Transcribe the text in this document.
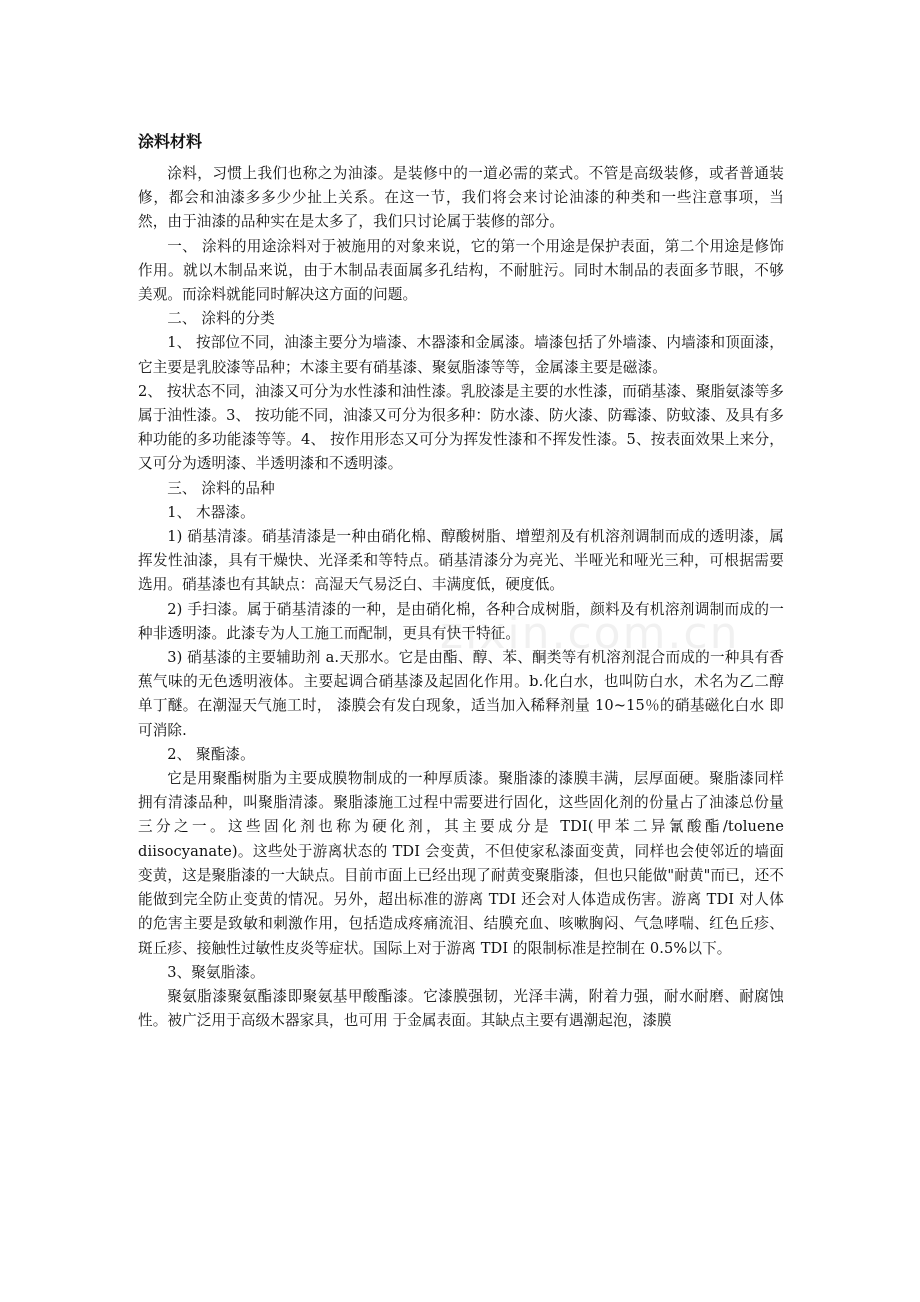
zixin.com.cn
涂料材料

涂料，习惯上我们也称之为油漆。是装修中的一道必需的菜式。不管是高级装修，或者普通装修，都会和油漆多多少少扯上关系。在这一节，我们将会来讨论油漆的种类和一些注意事项，当然，由于油漆的品种实在是太多了，我们只讨论属于装修的部分。

一、 涂料的用途涂料对于被施用的对象来说，它的第一个用途是保护表面，第二个用途是修饰作用。就以木制品来说，由于木制品表面属多孔结构，不耐脏污。同时木制品的表面多节眼，不够美观。而涂料就能同时解决这方面的问题。

二、 涂料的分类

1、 按部位不同，油漆主要分为墙漆、木器漆和金属漆。墙漆包括了外墙漆、内墙漆和顶面漆，它主要是乳胶漆等品种；木漆主要有硝基漆、聚氨脂漆等等，金属漆主要是磁漆。

2、 按状态不同，油漆又可分为水性漆和油性漆。乳胶漆是主要的水性漆，而硝基漆、聚脂氨漆等多属于油性漆。3、 按功能不同，油漆又可分为很多种：防水漆、防火漆、防霉漆、防蚊漆、及具有多种功能的多功能漆等等。4、 按作用形态又可分为挥发性漆和不挥发性漆。5、按表面效果上来分，又可分为透明漆、半透明漆和不透明漆。

三、 涂料的品种

1、 木器漆。

1) 硝基清漆。硝基清漆是一种由硝化棉、醇酸树脂、增塑剂及有机溶剂调制而成的透明漆，属挥发性油漆，具有干燥快、光泽柔和等特点。硝基清漆分为亮光、半哑光和哑光三种，可根据需要选用。硝基漆也有其缺点：高湿天气易泛白、丰满度低，硬度低。

2) 手扫漆。属于硝基清漆的一种，是由硝化棉，各种合成树脂，颜料及有机溶剂调制而成的一种非透明漆。此漆专为人工施工而配制，更具有快干特征。

3) 硝基漆的主要辅助剂 a.天那水。它是由酯、醇、苯、酮类等有机溶剂混合而成的一种具有香蕉气味的无色透明液体。主要起调合硝基漆及起固化作用。b.化白水，也叫防白水，术名为乙二醇单丁醚。在潮湿天气施工时， 漆膜会有发白现象，适当加入稀释剂量 10~15％的硝基磁化白水 即可消除.

2、 聚酯漆。

它是用聚酯树脂为主要成膜物制成的一种厚质漆。聚脂漆的漆膜丰满，层厚面硬。聚脂漆同样拥有清漆品种，叫聚脂清漆。聚脂漆施工过程中需要进行固化，这些固化剂的份量占了油漆总份量三分之一。这些固化剂也称为硬化剂，其主要成分是 TDI(甲苯二异氰酸酯/toluene diisocyanate)。这些处于游离状态的 TDI 会变黄，不但使家私漆面变黄，同样也会使邻近的墙面变黄，这是聚脂漆的一大缺点。目前市面上已经出现了耐黄变聚脂漆，但也只能做"耐黄"而已，还不能做到完全防止变黄的情况。另外，超出标准的游离 TDI 还会对人体造成伤害。游离 TDI 对人体的危害主要是致敏和刺激作用，包括造成疼痛流泪、结膜充血、咳嗽胸闷、气急哮喘、红色丘疹、斑丘疹、接触性过敏性皮炎等症状。国际上对于游离 TDI 的限制标准是控制在 0.5%以下。

3、聚氨脂漆。

聚氨脂漆聚氨酯漆即聚氨基甲酸酯漆。它漆膜强韧，光泽丰满，附着力强，耐水耐磨、耐腐蚀性。被广泛用于高级木器家具，也可用 于金属表面。其缺点主要有遇潮起泡，漆膜
